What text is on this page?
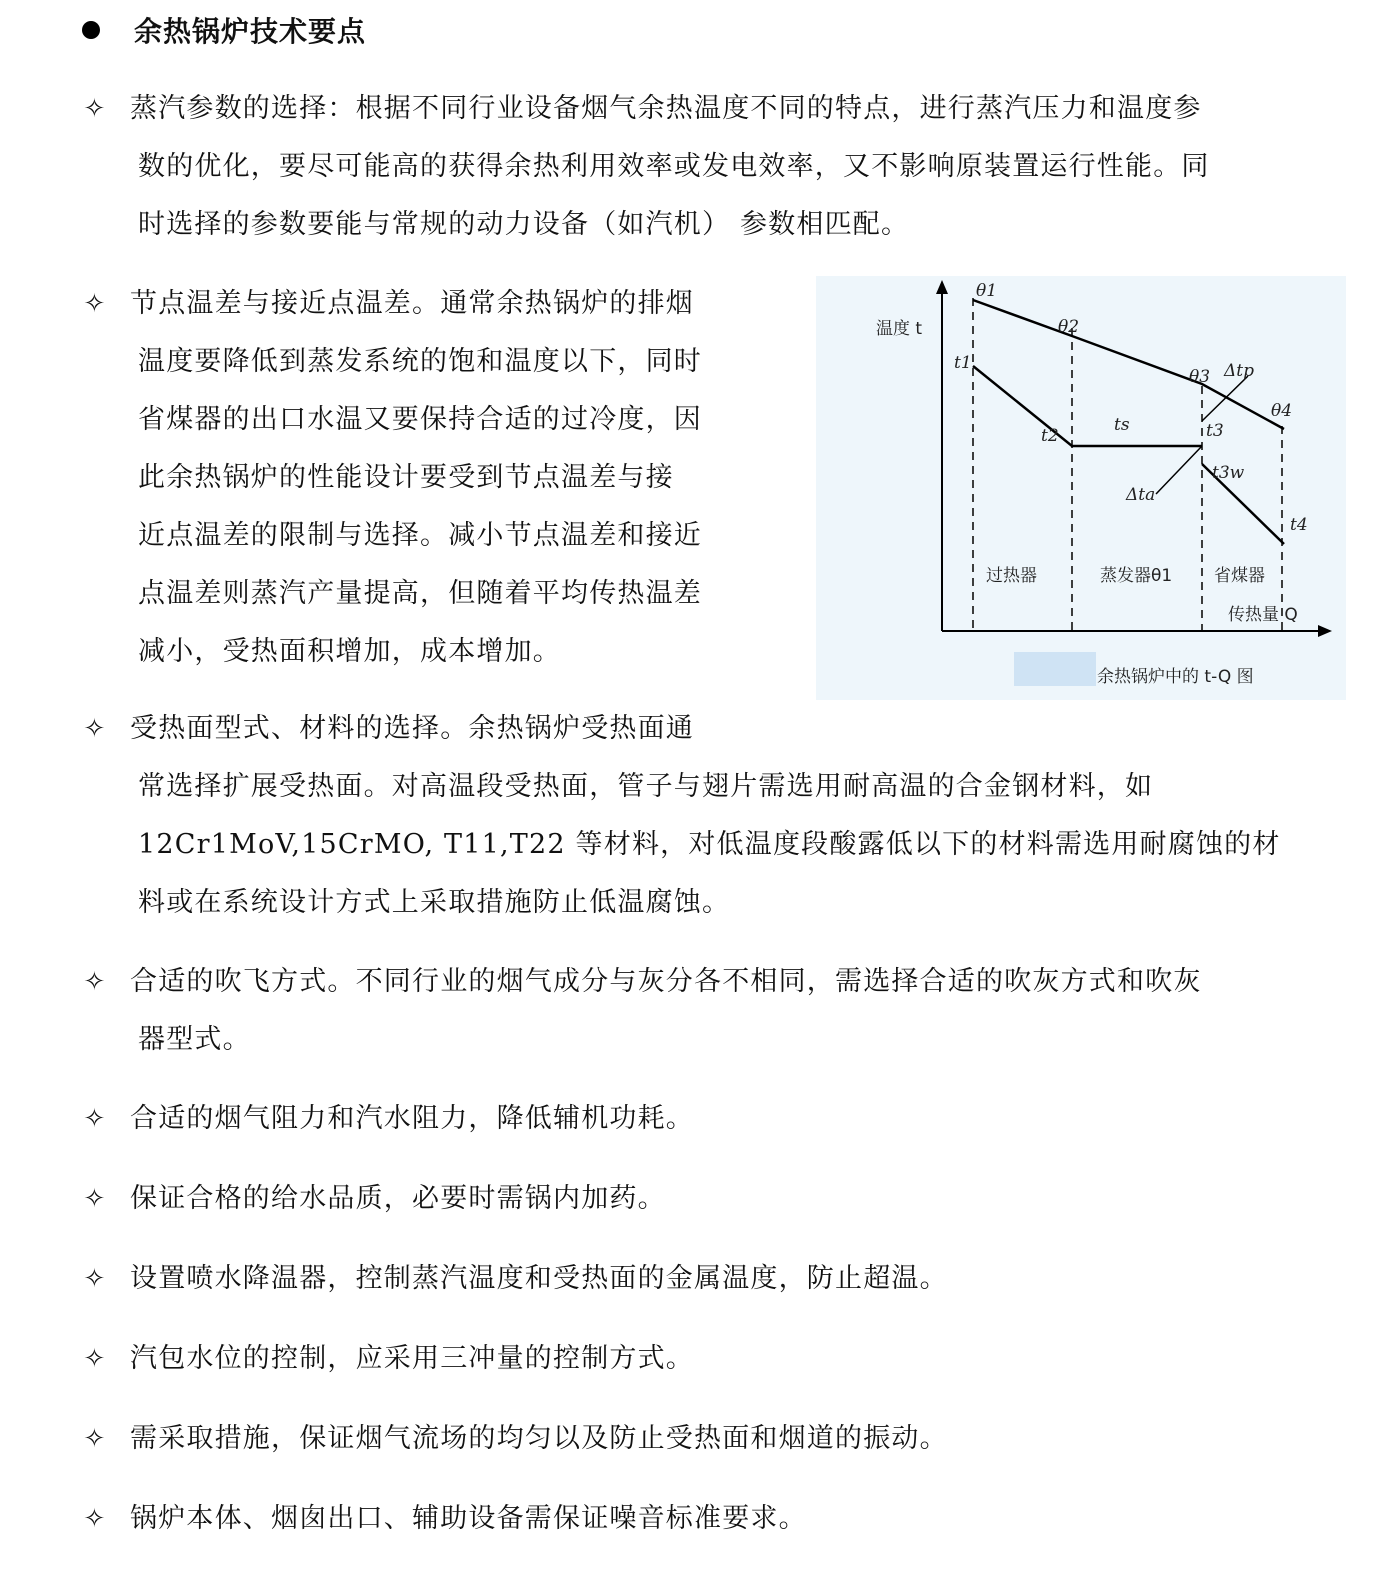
余热锅炉技术要点
✧ 蒸汽参数的选择：根据不同行业设备烟气余热温度不同的特点，进行蒸汽压力和温度参
数的优化，要尽可能高的获得余热利用效率或发电效率，又不影响原装置运行性能。同
时选择的参数要能与常规的动力设备（如汽机） 参数相匹配。
✧ 节点温差与接近点温差。通常余热锅炉的排烟
温度要降低到蒸发系统的饱和温度以下，同时
省煤器的出口水温又要保持合适的过冷度，因
此余热锅炉的性能设计要受到节点温差与接
近点温差的限制与选择。减小节点温差和接近
点温差则蒸汽产量提高，但随着平均传热温差
减小，受热面积增加，成本增加。
温度 t
传热量 Q
θ1
θ2
θ3
θ4
t1
t2
ts	t3
t3w
t4
Δtp
Δta
过热器	蒸发器θ1 省煤器
余热锅炉中的 t-Q 图
✧ 受热面型式、材料的选择。余热锅炉受热面通
常选择扩展受热面。对高温段受热面，管子与翅片需选用耐高温的合金钢材料，如
12Cr1MoV,15CrMO, T11,T22 等材料，对低温度段酸露低以下的材料需选用耐腐蚀的材
料或在系统设计方式上采取措施防止低温腐蚀。
✧ 合适的吹飞方式。不同行业的烟气成分与灰分各不相同，需选择合适的吹灰方式和吹灰
器型式。
✧ 合适的烟气阻力和汽水阻力，降低辅机功耗。
✧ 保证合格的给水品质，必要时需锅内加药。
✧ 设置喷水降温器，控制蒸汽温度和受热面的金属温度，防止超温。
✧ 汽包水位的控制，应采用三冲量的控制方式。
✧ 需采取措施，保证烟气流场的均匀以及防止受热面和烟道的振动。
✧ 锅炉本体、烟囱出口、辅助设备需保证噪音标准要求。
